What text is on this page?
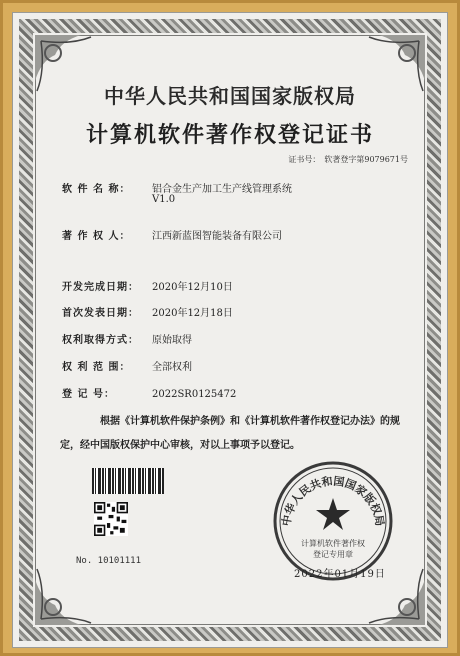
中华人民共和国国家版权局
计算机软件著作权登记证书
证书号： 软著登字第9079671号
软 件 名 称： 铝合金生产加工生产线管理系统
V1.0
著 作 权 人： 江西新蓝图智能装备有限公司
开发完成日期： 2020年12月10日
首次发表日期： 2020年12月18日
权利取得方式： 原始取得
权 利 范 围： 全部权利
登 记 号：	2022SR0125472
根据《计算机软件保护条例》和《计算机软件著作权登记办法》的规定，经中国版权保护中心审核，对以上事项予以登记。
No. 10101111
中华人民共和国国家版权局
计算机软件著作权
登记专用章
2022年01月19日
